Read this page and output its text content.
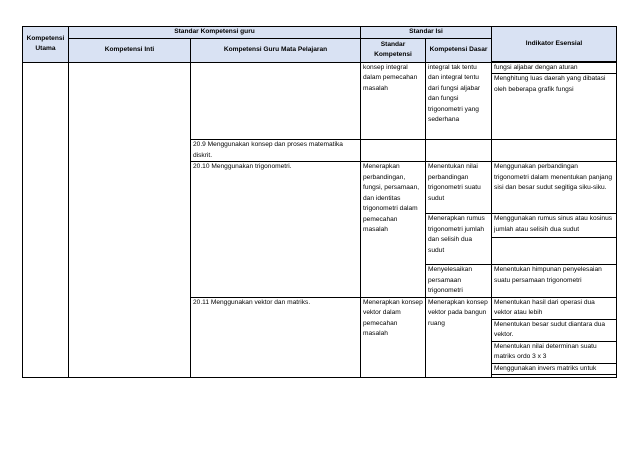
Kompetensi Utama	Standar Kompetensi guru		Standar Isi		Indikator Esensial
	Kompetensi Inti	Kompetensi Guru Mata Pelajaran	Standar Kompetensi	Kompetensi Dasar	

			konsep integral dalam pemecahan masalah	integral tak tentu dan integral tentu dari fungsi aljabar dan fungsi trigonometri yang sederhana	fungsi aljabar dengan aturan
					Menghitung luas daerah yang dibatasi oleh beberapa grafik fungsi
		20.9 Menggunakan konsep dan proses matematika diskrit.			
		20.10 Menggunakan trigonometri.	Menerapkan perbandingan, fungsi, persamaan, dan identitas trigonometri dalam pemecahan masalah	Menentukan nilai perbandingan trigonometri suatu sudut	Menggunakan perbandingan trigonometri dalam menentukan panjang sisi dan besar sudut segitiga siku-siku.
				Menerapkan rumus trigonometri jumlah dan selisih dua sudut	Menggunakan rumus sinus atau kosinus jumlah atau selisih dua sudut

				Menyelesaikan persamaan trigonometri	Menentukan himpunan penyelesaian suatu persamaan trigonometri
		20.11 Menggunakan vektor dan matriks.	Menerapkan konsep vektor dalam pemecahan masalah	Menerapkan konsep vektor pada bangun ruang	Menentukan hasil dari operasi dua vektor atau lebih
					Menentukan besar sudut diantara dua vektor.
					Menentukan nilai determinan suatu matriks ordo 3 x 3
					Menggunakan invers matriks untuk
